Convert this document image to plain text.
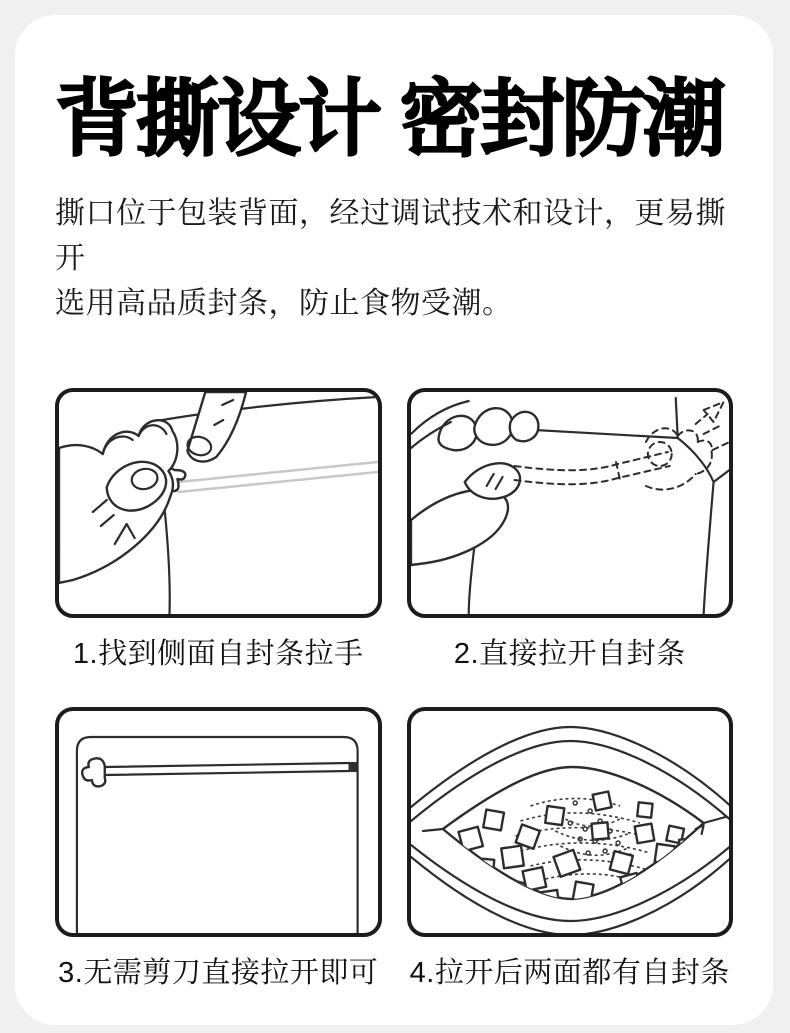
背撕设计 密封防潮
撕口位于包装背面，经过调试技术和设计，更易撕开
选用高品质封条，防止食物受潮。
1.找到侧面自封条拉手	2.直接拉开自封条
3.无需剪刀直接拉开即可 4.拉开后两面都有自封条
